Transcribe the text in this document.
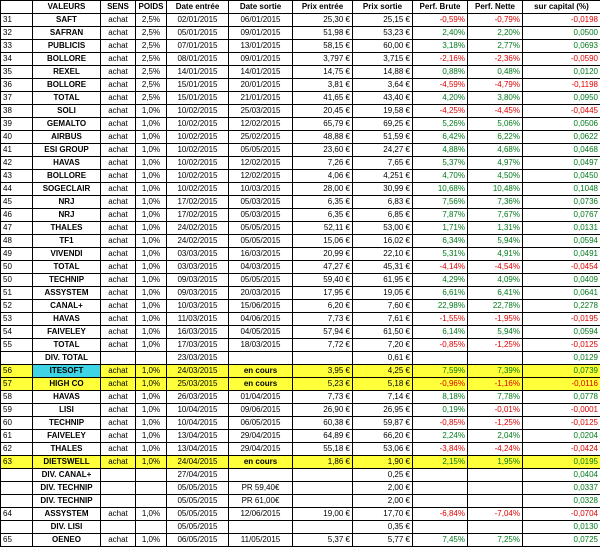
	VALEURS	SENS	POIDS	Date entrée	Date sortie	Prix entrée	Prix sortie	Perf. Brute	Perf. Nette	sur capital (%)
31	SAFT	achat	2,5%	02/01/2015	06/01/2015	25,30 €	25,15 €	-0,59%	-0,79%	-0,0198
32	SAFRAN	achat	2,5%	05/01/2015	09/01/2015	51,98 €	53,23 €	2,40%	2,20%	0,0500
33	PUBLICIS	achat	2,5%	07/01/2015	13/01/2015	58,15 €	60,00 €	3,18%	2,77%	0,0693
34	BOLLORE	achat	2,5%	08/01/2015	09/01/2015	3,797 €	3,715 €	-2,16%	-2,36%	-0,0590
35	REXEL	achat	2,5%	14/01/2015	14/01/2015	14,75 €	14,88 €	0,88%	0,48%	0,0120
36	BOLLORE	achat	2,5%	15/01/2015	20/01/2015	3,81 €	3,64 €	-4,59%	-4,79%	-0,1198
37	TOTAL	achat	2,5%	15/01/2015	21/01/2015	41,65 €	43,40 €	4,20%	3,80%	0,0950
38	SOLI	achat	1,0%	10/02/2015	25/03/2015	20,45 €	19,58 €	-4,25%	-4,45%	-0,0445
39	GEMALTO	achat	1,0%	10/02/2015	12/02/2015	65,79 €	69,25 €	5,26%	5,06%	0,0506
40	AIRBUS	achat	1,0%	10/02/2015	25/02/2015	48,88 €	51,59 €	6,42%	6,22%	0,0622
41	ESI GROUP	achat	1,0%	10/02/2015	05/05/2015	23,60 €	24,27 €	4,88%	4,68%	0,0468
42	HAVAS	achat	1,0%	10/02/2015	12/02/2015	7,26 €	7,65 €	5,37%	4,97%	0,0497
43	BOLLORE	achat	1,0%	10/02/2015	12/02/2015	4,06 €	4,251 €	4,70%	4,50%	0,0450
44	SOGECLAIR	achat	1,0%	10/02/2015	10/03/2015	28,00 €	30,99 €	10,68%	10,48%	0,1048
45	NRJ	achat	1,0%	17/02/2015	05/03/2015	6,35 €	6,83 €	7,56%	7,36%	0,0736
46	NRJ	achat	1,0%	17/02/2015	05/03/2015	6,35 €	6,85 €	7,87%	7,67%	0,0767
47	THALES	achat	1,0%	24/02/2015	05/05/2015	52,11 €	53,00 €	1,71%	1,31%	0,0131
48	TF1	achat	1,0%	24/02/2015	05/05/2015	15,06 €	16,02 €	6,34%	5,94%	0,0594
49	VIVENDI	achat	1,0%	03/03/2015	16/03/2015	20,99 €	22,10 €	5,31%	4,91%	0,0491
50	TOTAL	achat	1,0%	03/03/2015	04/03/2015	47,27 €	45,31 €	-4,14%	-4,54%	-0,0454
50	TECHNIP	achat	1,0%	09/03/2015	05/05/2015	59,40 €	61,95 €	4,29%	4,09%	0,0409
51	ASSYSTEM	achat	1,0%	09/03/2015	20/03/2015	17,95 €	19,05 €	6,61%	6,41%	0,0641
52	CANAL+	achat	1,0%	10/03/2015	15/06/2015	6,20 €	7,60 €	22,98%	22,78%	0,2278
53	HAVAS	achat	1,0%	11/03/2015	04/06/2015	7,73 €	7,61 €	-1,55%	-1,95%	-0,0195
54	FAIVELEY	achat	1,0%	16/03/2015	04/05/2015	57,94 €	61,50 €	6,14%	5,94%	0,0594
55	TOTAL	achat	1,0%	17/03/2015	18/03/2015	7,72 €	7,20 €	-0,85%	-1,25%	-0,0125
	DIV. TOTAL			23/03/2015			0,61 €			0,0129
56	ITESOFT	achat	1,0%	24/03/2015	en cours	3,95 €	4,25 €	7,59%	7,39%	0,0739
57	HIGH CO	achat	1,0%	25/03/2015	en cours	5,23 €	5,18 €	-0,96%	-1,16%	-0,0116
58	HAVAS	achat	1,0%	26/03/2015	01/04/2015	7,73 €	7,14 €	8,18%	7,78%	0,0778
59	LISI	achat	1,0%	10/04/2015	09/06/2015	26,90 €	26,95 €	0,19%	-0,01%	-0,0001
60	TECHNIP	achat	1,0%	10/04/2015	06/05/2015	60,38 €	59,87 €	-0,85%	-1,25%	-0,0125
61	FAIVELEY	achat	1,0%	13/04/2015	29/04/2015	64,89 €	66,20 €	2,24%	2,04%	0,0204
62	THALES	achat	1,0%	13/04/2015	29/04/2015	55,18 €	53,06 €	-3,84%	-4,24%	-0,0424
63	DIETSWELL	achat	1,0%	24/04/2015	en cours	1,86 €	1,90 €	2,15%	1,95%	0,0195
	DIV. CANAL+			27/04/2015			0,25 €			0,0404
	DIV. TECHNIP			05/05/2015	PR 59,40€		2,00 €			0,0337
	DIV. TECHNIP			05/05/2015	PR 61,00€		2,00 €			0,0328
64	ASSYSTEM	achat	1,0%	05/05/2015	12/06/2015	19,00 €	17,70 €	-6,84%	-7,04%	-0,0704
	DIV. LISI			05/05/2015			0,35 €			0,0130
65	OENEO	achat	1,0%	06/05/2015	11/05/2015	5,37 €	5,77 €	7,45%	7,25%	0,0725
